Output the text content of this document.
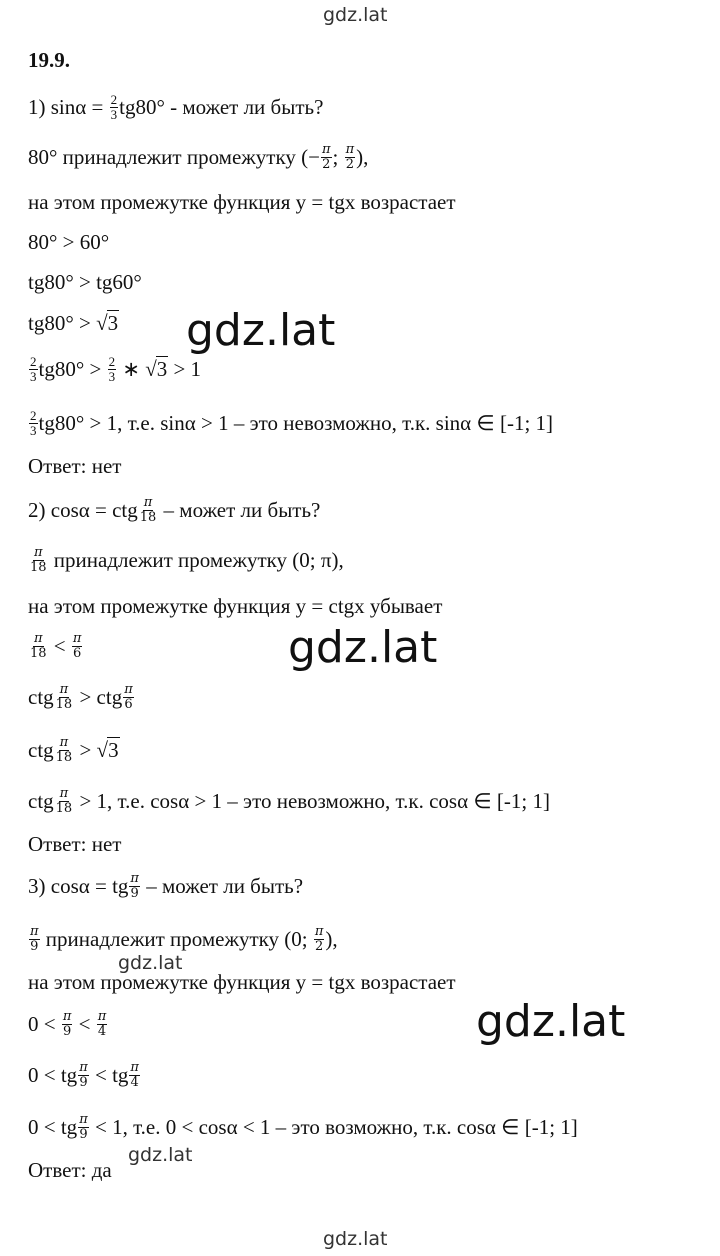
gdz.lat
gdz.lat
gdz.lat
gdz.lat
gdz.lat
gdz.lat
gdz.lat
19.9.
1) $\sin\alpha = \frac{2}{3} tg80^\circ$ - может ли быть?
80° принадлежит промежутку (− $\frac{\pi}{2}$ ; $\frac{\pi}{2}$ ),
на этом промежутке функция y = tgx возрастает
80° > 60°
tg80° > tg60°
tg80° > √3
$\frac{2}{3} tg80^\circ > \frac{2}{3}$ ∗ √3 > 1
$\frac{2}{3} tg80^\circ > 1$, т.е. sinα > 1 – это невозможно, т.к. sinα ∈ [-1; 1]
Ответ: нет
2) cosα = ctg $\frac{\pi}{18}$ – может ли быть?
$\frac{\pi}{18}$ принадлежит промежутку (0; π),
на этом промежутке функция y = ctgx убывает
$\frac{\pi}{18} < \frac{\pi}{6}$
ctg $\frac{\pi}{18}$ > ctg $\frac{\pi}{6}$
ctg $\frac{\pi}{18} > √3$
ctg $\frac{\pi}{18} > 1$, т.е. cosα > 1 – это невозможно, т.к. cosα ∈ [-1; 1]
Ответ: нет
3) cosα = tg $\frac{\pi}{9}$ – может ли быть?
$\frac{\pi}{9}$ принадлежит промежутку (0; $\frac{\pi}{2}$ ),
на этом промежутке функция y = tgx возрастает
$0 < \frac{\pi}{9} < \frac{\pi}{4}$
0 < tg $\frac{\pi}{9}$ < tg $\frac{\pi}{4}$
0 < tg $\frac{\pi}{9} < 1$, т.е. 0 < cosα < 1 – это возможно, т.к. cosα ∈ [-1; 1]
Ответ: да
